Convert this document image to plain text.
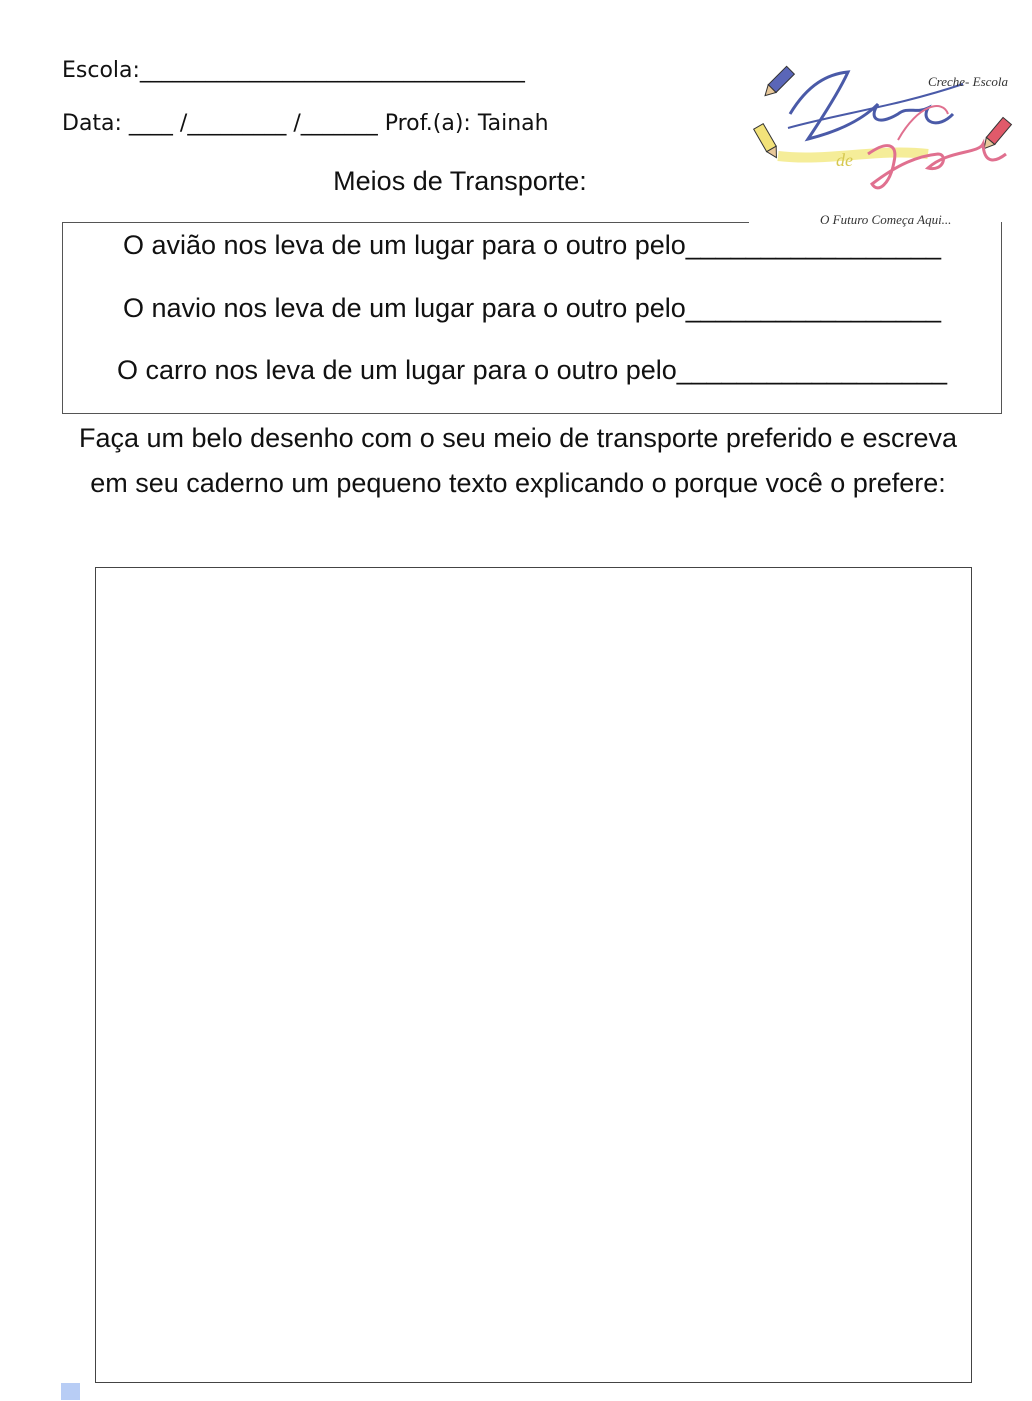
Escola:___________________________________
Data: ____ /_________ /_______ Prof.(a): Tainah
Creche- Escola
de
O Futuro Começa Aqui...
Meios de Transporte:
O avião nos leva de um lugar para o outro pelo_________________
O navio nos leva de um lugar para o outro pelo_________________
O carro nos leva de um lugar para o outro pelo__________________
Faça um belo desenho com o seu meio de transporte preferido e escreva em seu caderno um pequeno texto explicando o porque você o prefere:
